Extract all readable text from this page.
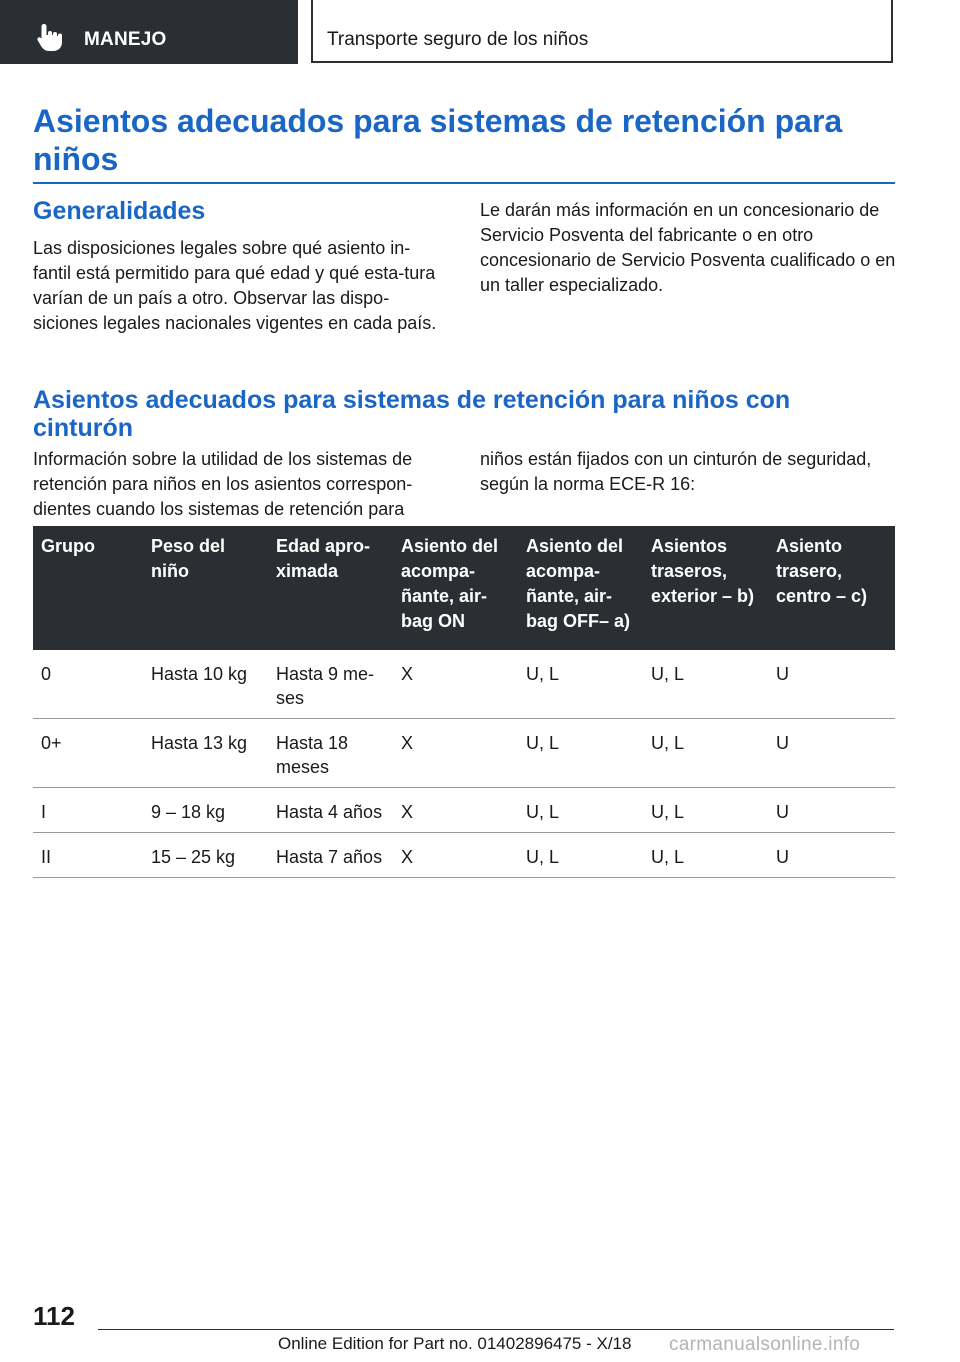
MANEJO	Transporte seguro de los niños
Asientos adecuados para sistemas de retención para niños
Generalidades

Las disposiciones legales sobre qué asiento in-fantil está permitido para qué edad y qué esta-tura varían de un país a otro. Observar las dispo-siciones legales nacionales vigentes en cada país.

Le darán más información en un concesionario de Servicio Posventa del fabricante o en otro concesionario de Servicio Posventa cualificado o en un taller especializado.

Asientos adecuados para sistemas de retención para niños con cinturón

Información sobre la utilidad de los sistemas de retención para niños en los asientos correspon-dientes cuando los sistemas de retención para

niños están fijados con un cinturón de seguridad, según la norma ECE-R 16:

Grupo	Peso del niño	Edad apro-ximada	Asiento del acompa-ñante, air-bag ON	Asiento del acompa-ñante, air-bag OFF– a)	Asientos traseros, exterior – b)	Asiento trasero, centro – c)
0	Hasta 10 kg	Hasta 9 me-ses	X	U, L	U, L	U
0+	Hasta 13 kg	Hasta 18 meses	X	U, L	U, L	U
I	9 – 18 kg	Hasta 4 años	X	U, L	U, L	U
II	15 – 25 kg	Hasta 7 años	X	U, L	U, L	U
112
Online Edition for Part no. 01402896475 - X/18 carmanualsonline.info
